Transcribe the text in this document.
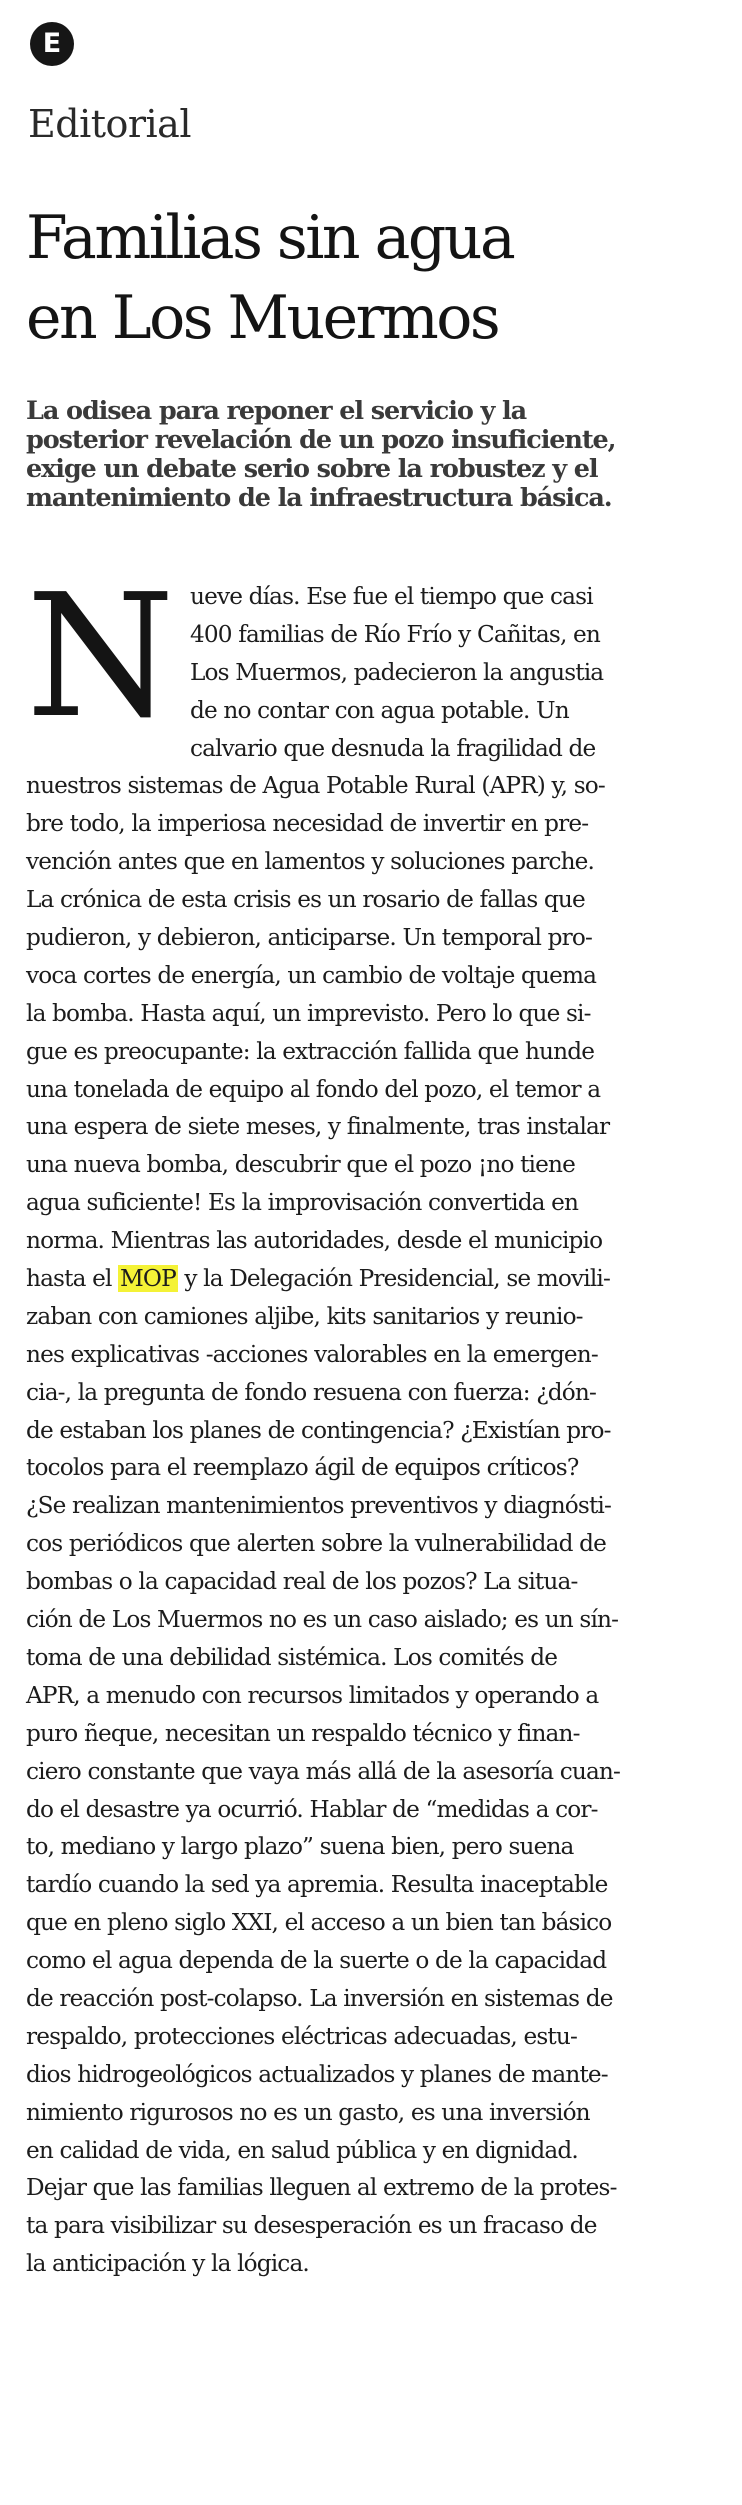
E
Editorial
Familias sin agua
en Los Muermos

La odisea para reponer el servicio y la
posterior revelación de un pozo insuficiente,
exige un debate serio sobre la robustez y el
mantenimiento de la infraestructura básica.

N ueve días. Ese fue el tiempo que casi
400 familias de Río Frío y Cañitas, en
Los Muermos, padecieron la angustia
de no contar con agua potable. Un
calvario que desnuda la fragilidad de
nuestros sistemas de Agua Potable Rural (APR) y, so-
bre todo, la imperiosa necesidad de invertir en pre-
vención antes que en lamentos y soluciones parche.
La crónica de esta crisis es un rosario de fallas que
pudieron, y debieron, anticiparse. Un temporal pro-
voca cortes de energía, un cambio de voltaje quema
la bomba. Hasta aquí, un imprevisto. Pero lo que si-
gue es preocupante: la extracción fallida que hunde
una tonelada de equipo al fondo del pozo, el temor a
una espera de siete meses, y finalmente, tras instalar
una nueva bomba, descubrir que el pozo ¡no tiene
agua suficiente! Es la improvisación convertida en
norma. Mientras las autoridades, desde el municipio
hasta el MOP y la Delegación Presidencial, se movili-
zaban con camiones aljibe, kits sanitarios y reunio-
nes explicativas -acciones valorables en la emergen-
cia-, la pregunta de fondo resuena con fuerza: ¿dón-
de estaban los planes de contingencia? ¿Existían pro-
tocolos para el reemplazo ágil de equipos críticos?
¿Se realizan mantenimientos preventivos y diagnósti-
cos periódicos que alerten sobre la vulnerabilidad de
bombas o la capacidad real de los pozos? La situa-
ción de Los Muermos no es un caso aislado; es un sín-
toma de una debilidad sistémica. Los comités de
APR, a menudo con recursos limitados y operando a
puro ñeque, necesitan un respaldo técnico y finan-
ciero constante que vaya más allá de la asesoría cuan-
do el desastre ya ocurrió. Hablar de “medidas a cor-
to, mediano y largo plazo” suena bien, pero suena
tardío cuando la sed ya apremia. Resulta inaceptable
que en pleno siglo XXI, el acceso a un bien tan básico
como el agua dependa de la suerte o de la capacidad
de reacción post-colapso. La inversión en sistemas de
respaldo, protecciones eléctricas adecuadas, estu-
dios hidrogeológicos actualizados y planes de mante-
nimiento rigurosos no es un gasto, es una inversión
en calidad de vida, en salud pública y en dignidad.
Dejar que las familias lleguen al extremo de la protes-
ta para visibilizar su desesperación es un fracaso de
la anticipación y la lógica.
